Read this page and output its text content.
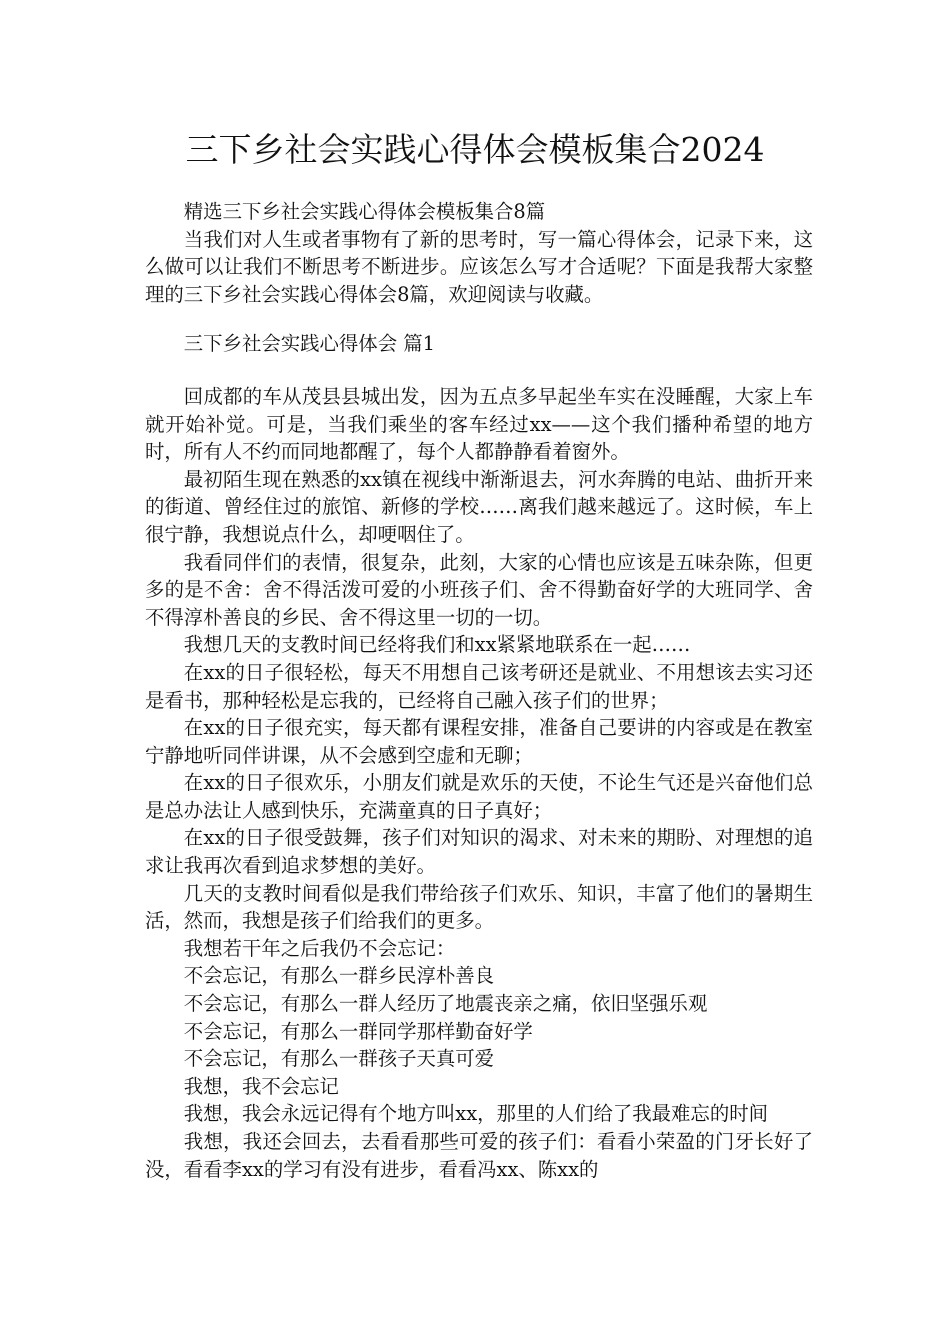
三下乡社会实践心得体会模板集合2024

精选三下乡社会实践心得体会模板集合8篇

当我们对人生或者事物有了新的思考时，写一篇心得体会，记录下来，这么做可以让我们不断思考不断进步。应该怎么写才合适呢？下面是我帮大家整理的三下乡社会实践心得体会8篇，欢迎阅读与收藏。

三下乡社会实践心得体会 篇1

回成都的车从茂县县城出发，因为五点多早起坐车实在没睡醒，大家上车就开始补觉。可是，当我们乘坐的客车经过xx——这个我们播种希望的地方时，所有人不约而同地都醒了，每个人都静静看着窗外。

最初陌生现在熟悉的xx镇在视线中渐渐退去，河水奔腾的电站、曲折开来的街道、曾经住过的旅馆、新修的学校……离我们越来越远了。这时候，车上很宁静，我想说点什么，却哽咽住了。

我看同伴们的表情，很复杂，此刻，大家的心情也应该是五味杂陈，但更多的是不舍：舍不得活泼可爱的小班孩子们、舍不得勤奋好学的大班同学、舍不得淳朴善良的乡民、舍不得这里一切的一切。

我想几天的支教时间已经将我们和xx紧紧地联系在一起……

在xx的日子很轻松，每天不用想自己该考研还是就业、不用想该去实习还是看书，那种轻松是忘我的，已经将自己融入孩子们的世界；

在xx的日子很充实，每天都有课程安排，准备自己要讲的内容或是在教室宁静地听同伴讲课，从不会感到空虚和无聊；

在xx的日子很欢乐，小朋友们就是欢乐的天使，不论生气还是兴奋他们总是总办法让人感到快乐，充满童真的日子真好；

在xx的日子很受鼓舞，孩子们对知识的渴求、对未来的期盼、对理想的追求让我再次看到追求梦想的美好。

几天的支教时间看似是我们带给孩子们欢乐、知识，丰富了他们的暑期生活，然而，我想是孩子们给我们的更多。

我想若干年之后我仍不会忘记：

不会忘记，有那么一群乡民淳朴善良

不会忘记，有那么一群人经历了地震丧亲之痛，依旧坚强乐观

不会忘记，有那么一群同学那样勤奋好学

不会忘记，有那么一群孩子天真可爱

我想，我不会忘记

我想，我会永远记得有个地方叫xx，那里的人们给了我最难忘的时间

我想，我还会回去，去看看那些可爱的孩子们：看看小荣盈的门牙长好了没，看看李xx的学习有没有进步，看看冯xx、陈xx的
